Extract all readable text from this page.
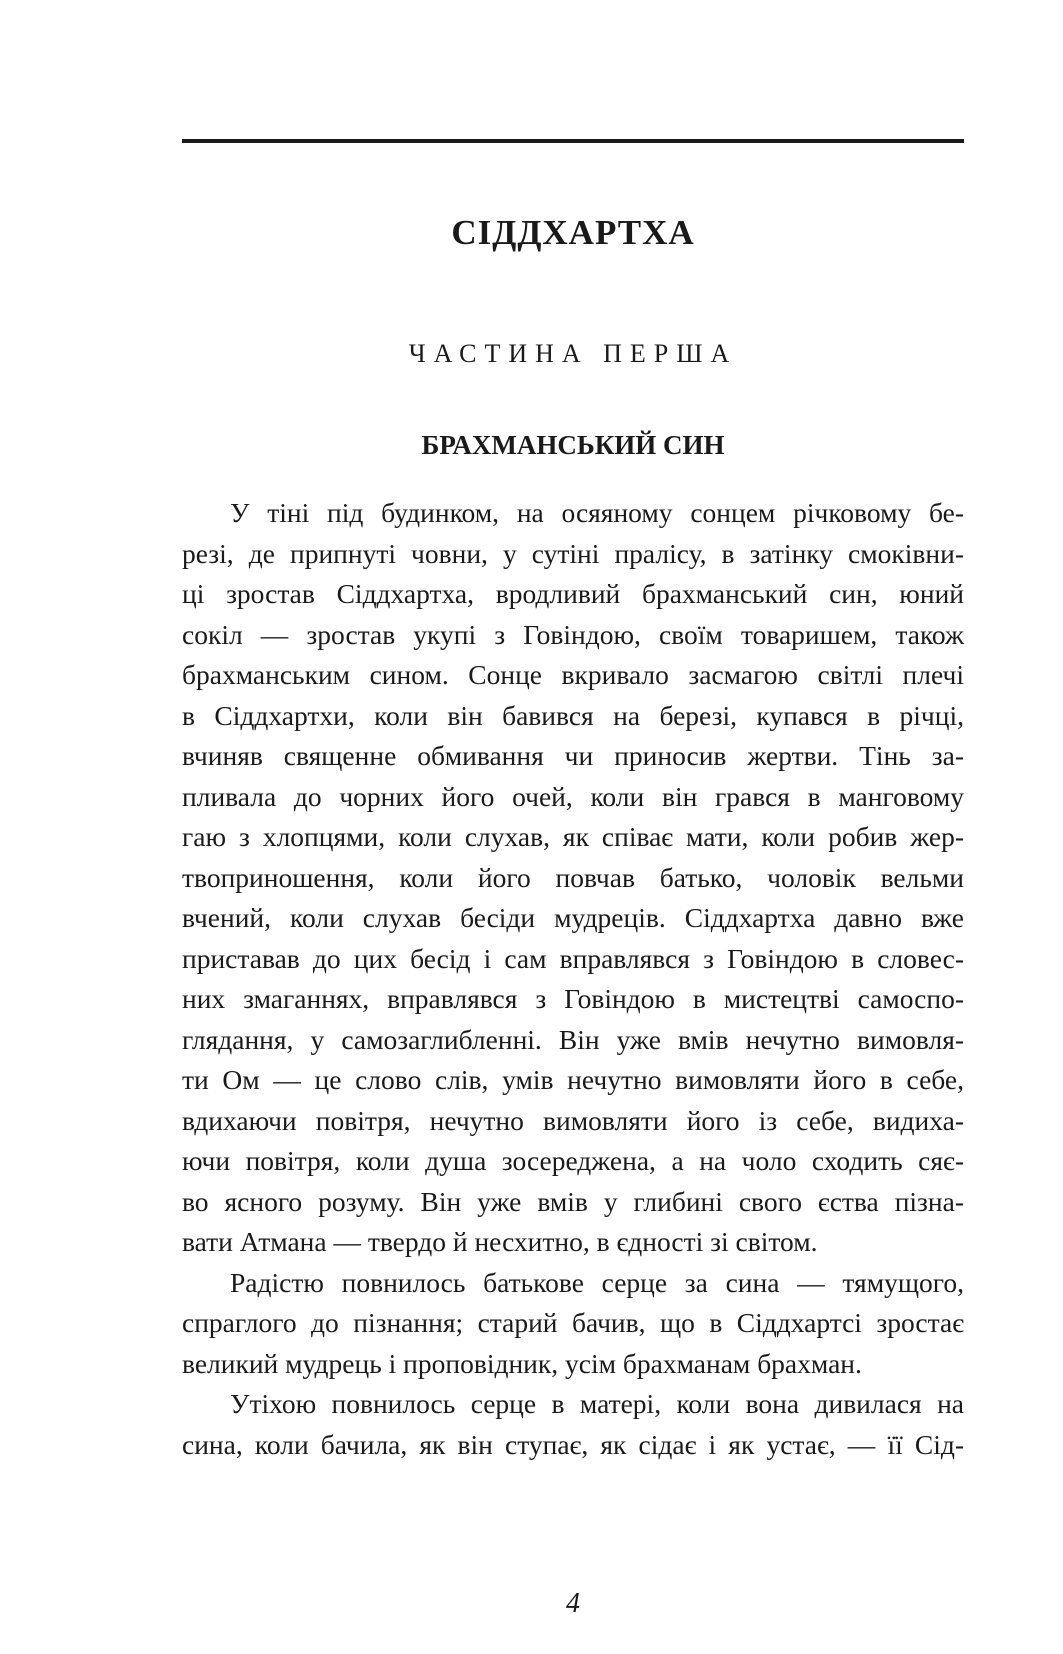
СІДДХАРТХА
ЧАСТИНА ПЕРША
БРАХМАНСЬКИЙ СИН
У тіні під будинком, на осяяному сонцем річковому бе-
резі, де припнуті човни, у сутіні пралісу, в затінку смоківни-
ці зростав Сіддхартха, вродливий брахманський син, юний
сокіл — зростав укупі з Говіндою, своїм товаришем, також
брахманським сином. Сонце вкривало засмагою світлі плечі
в Сіддхартхи, коли він бавився на березі, купався в річці,
вчиняв священне обмивання чи приносив жертви. Тінь за-
пливала до чорних його очей, коли він грався в манговому
гаю з хлопцями, коли слухав, як співає мати, коли робив жер-
твоприношення, коли його повчав батько, чоловік вельми
вчений, коли слухав бесіди мудреців. Сіддхартха давно вже
приставав до цих бесід і сам вправлявся з Говіндою в словес-
них змаганнях, вправлявся з Говіндою в мистецтві самоспо-
глядання, у самозаглибленні. Він уже вмів нечутно вимовля-
ти Ом — це слово слів, умів нечутно вимовляти його в себе,
вдихаючи повітря, нечутно вимовляти його із себе, видиха-
ючи повітря, коли душа зосереджена, а на чоло сходить сяє-
во ясного розуму. Він уже вмів у глибині свого єства пізна-
вати Атмана — твердо й несхитно, в єдності зі світом.
Радістю повнилось батькове серце за сина — тямущого,
спраглого до пізнання; старий бачив, що в Сіддхартсі зростає
великий мудрець і проповідник, усім брахманам брахман.
Утіхою повнилось серце в матері, коли вона дивилася на
сина, коли бачила, як він ступає, як сідає і як устає, — її Сід-
4
